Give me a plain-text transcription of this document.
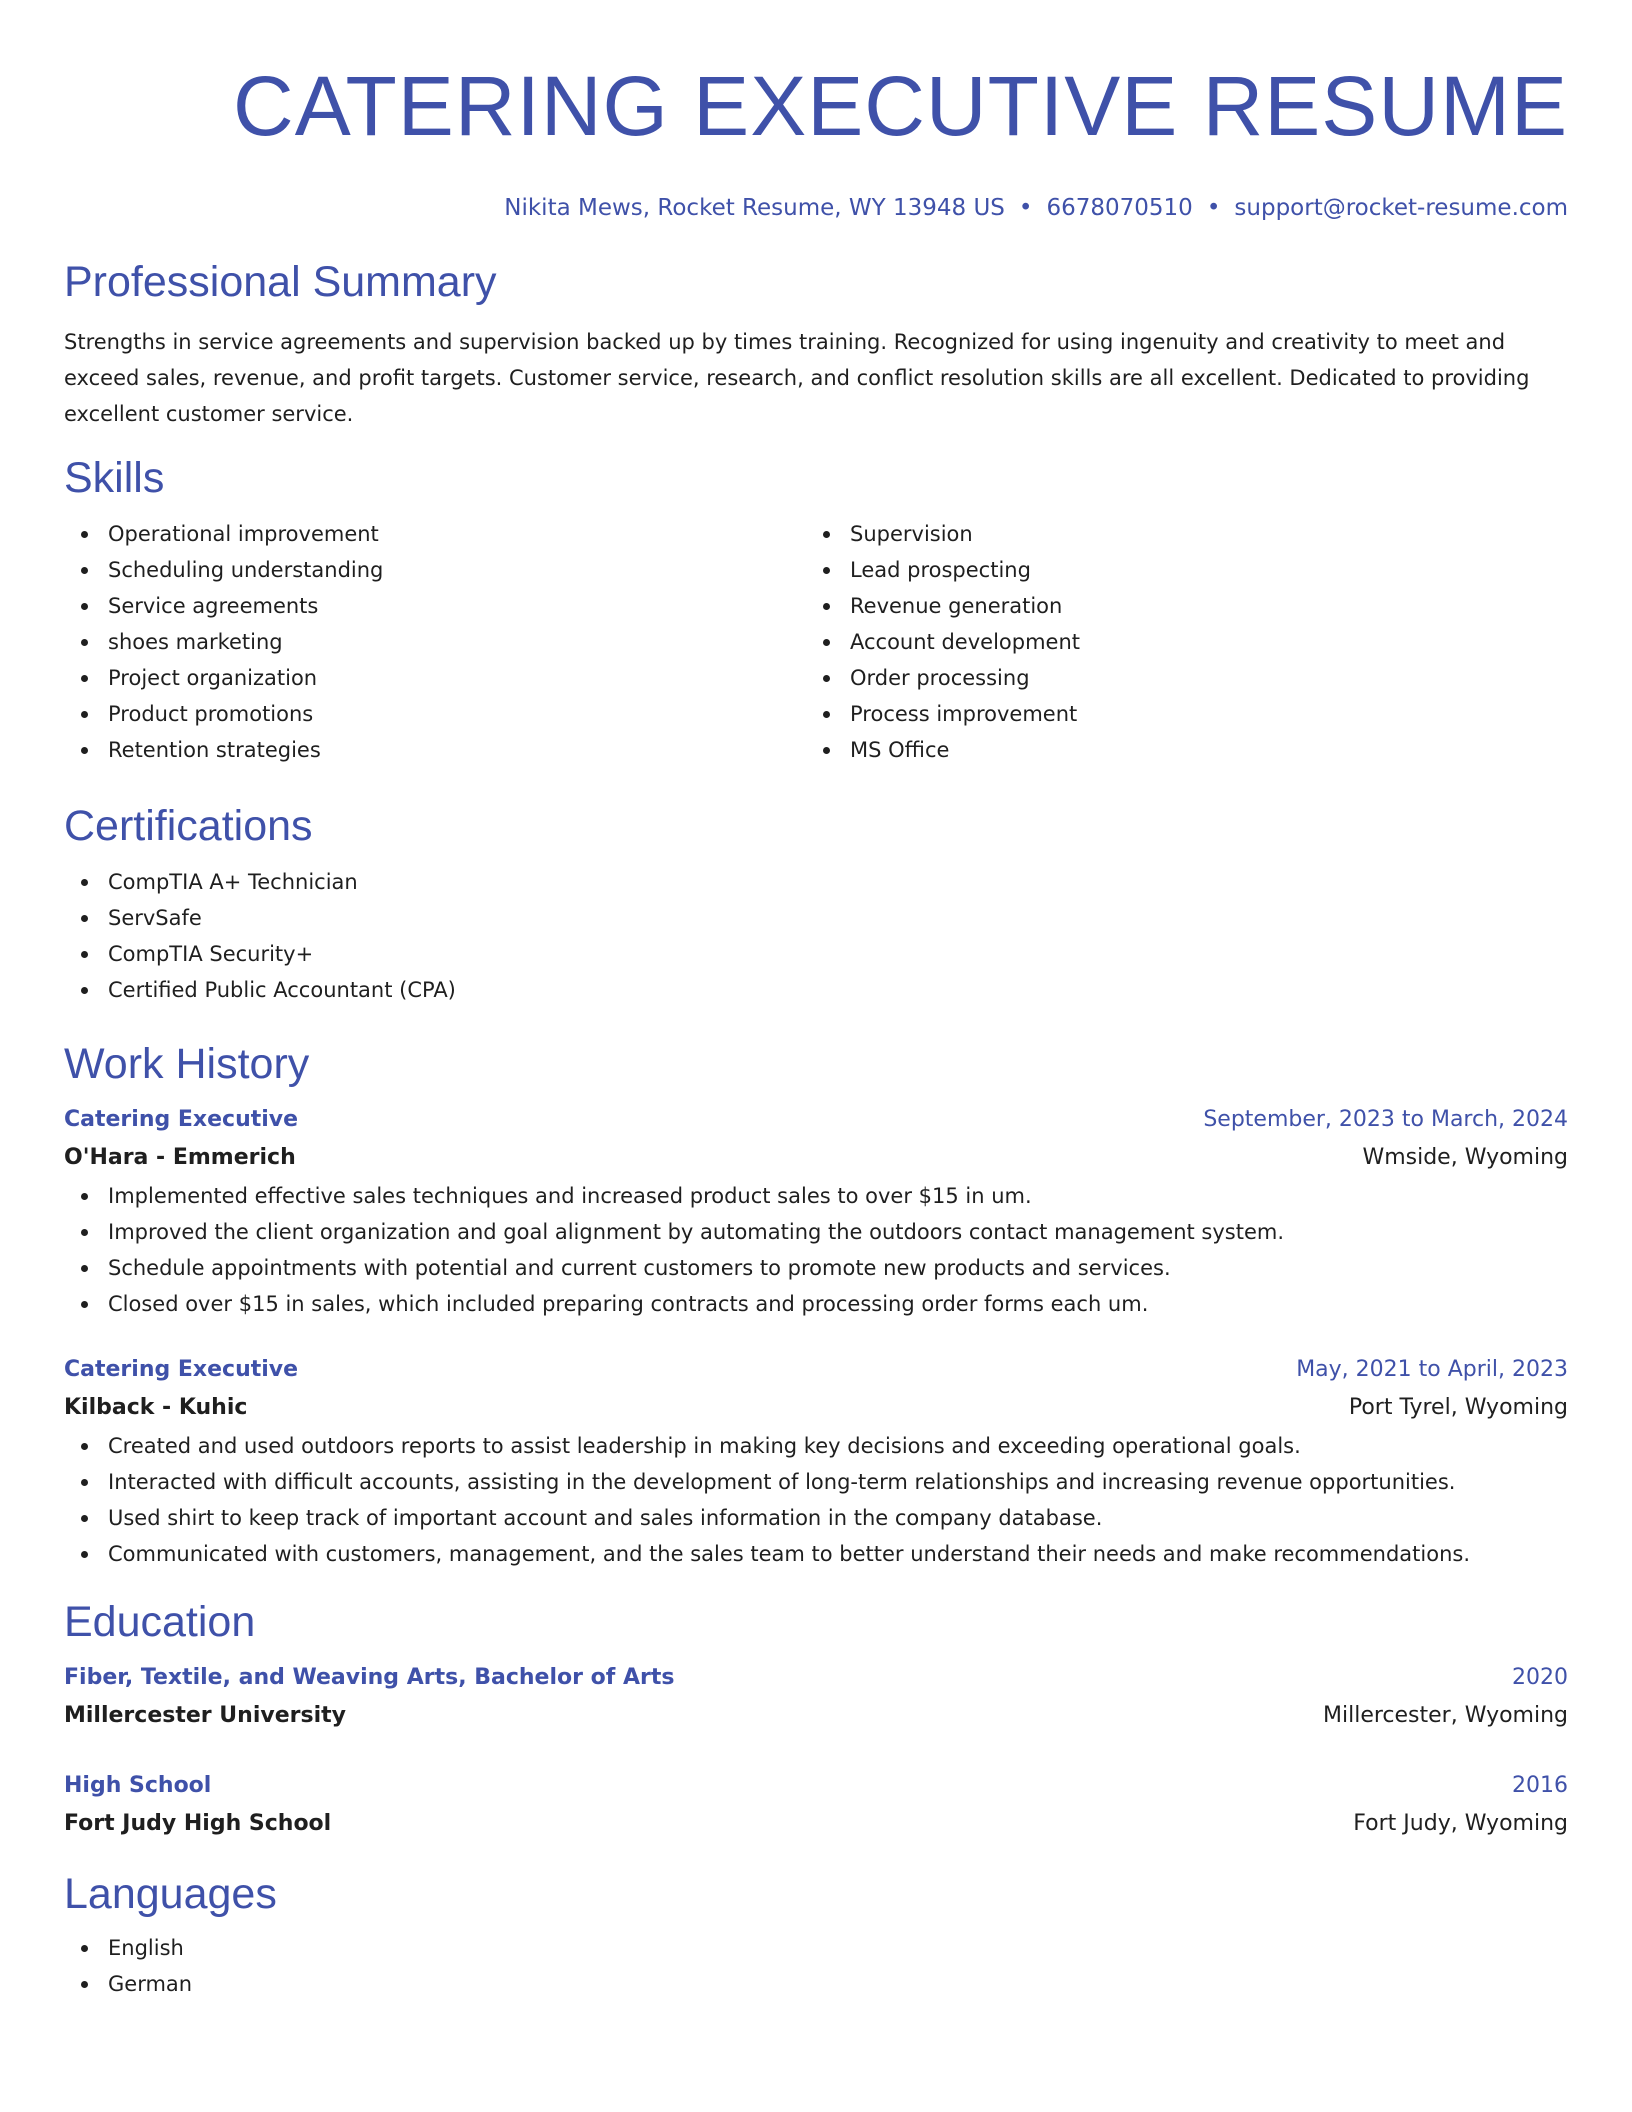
CATERING EXECUTIVE RESUME
Nikita Mews, Rocket Resume, WY 13948 US • 6678070510 • support@rocket-resume.com
Professional Summary

Strengths in service agreements and supervision backed up by times training. Recognized for using ingenuity and creativity to meet and exceed sales, revenue, and profit targets. Customer service, research, and conflict resolution skills are all excellent. Dedicated to providing excellent customer service.

Skills
Operational improvement
Scheduling understanding
Service agreements
shoes marketing
Project organization
Product promotions
Retention strategies
Supervision
Lead prospecting
Revenue generation
Account development
Order processing
Process improvement
MS Office
Certifications
CompTIA A+ Technician
ServSafe
CompTIA Security+
Certified Public Accountant (CPA)
Work History
Catering Executive	September, 2023 to March, 2024
O'Hara - Emmerich	Wmside, Wyoming
Implemented effective sales techniques and increased product sales to over $15 in um.
Improved the client organization and goal alignment by automating the outdoors contact management system.
Schedule appointments with potential and current customers to promote new products and services.
Closed over $15 in sales, which included preparing contracts and processing order forms each um.
Catering Executive	May, 2021 to April, 2023
Kilback - Kuhic	Port Tyrel, Wyoming
Created and used outdoors reports to assist leadership in making key decisions and exceeding operational goals.
Interacted with difficult accounts, assisting in the development of long-term relationships and increasing revenue opportunities.
Used shirt to keep track of important account and sales information in the company database.
Communicated with customers, management, and the sales team to better understand their needs and make recommendations.
Education
Fiber, Textile, and Weaving Arts, Bachelor of Arts	2020
Millercester University	Millercester, Wyoming
High School	2016
Fort Judy High School	Fort Judy, Wyoming
Languages
English
German
